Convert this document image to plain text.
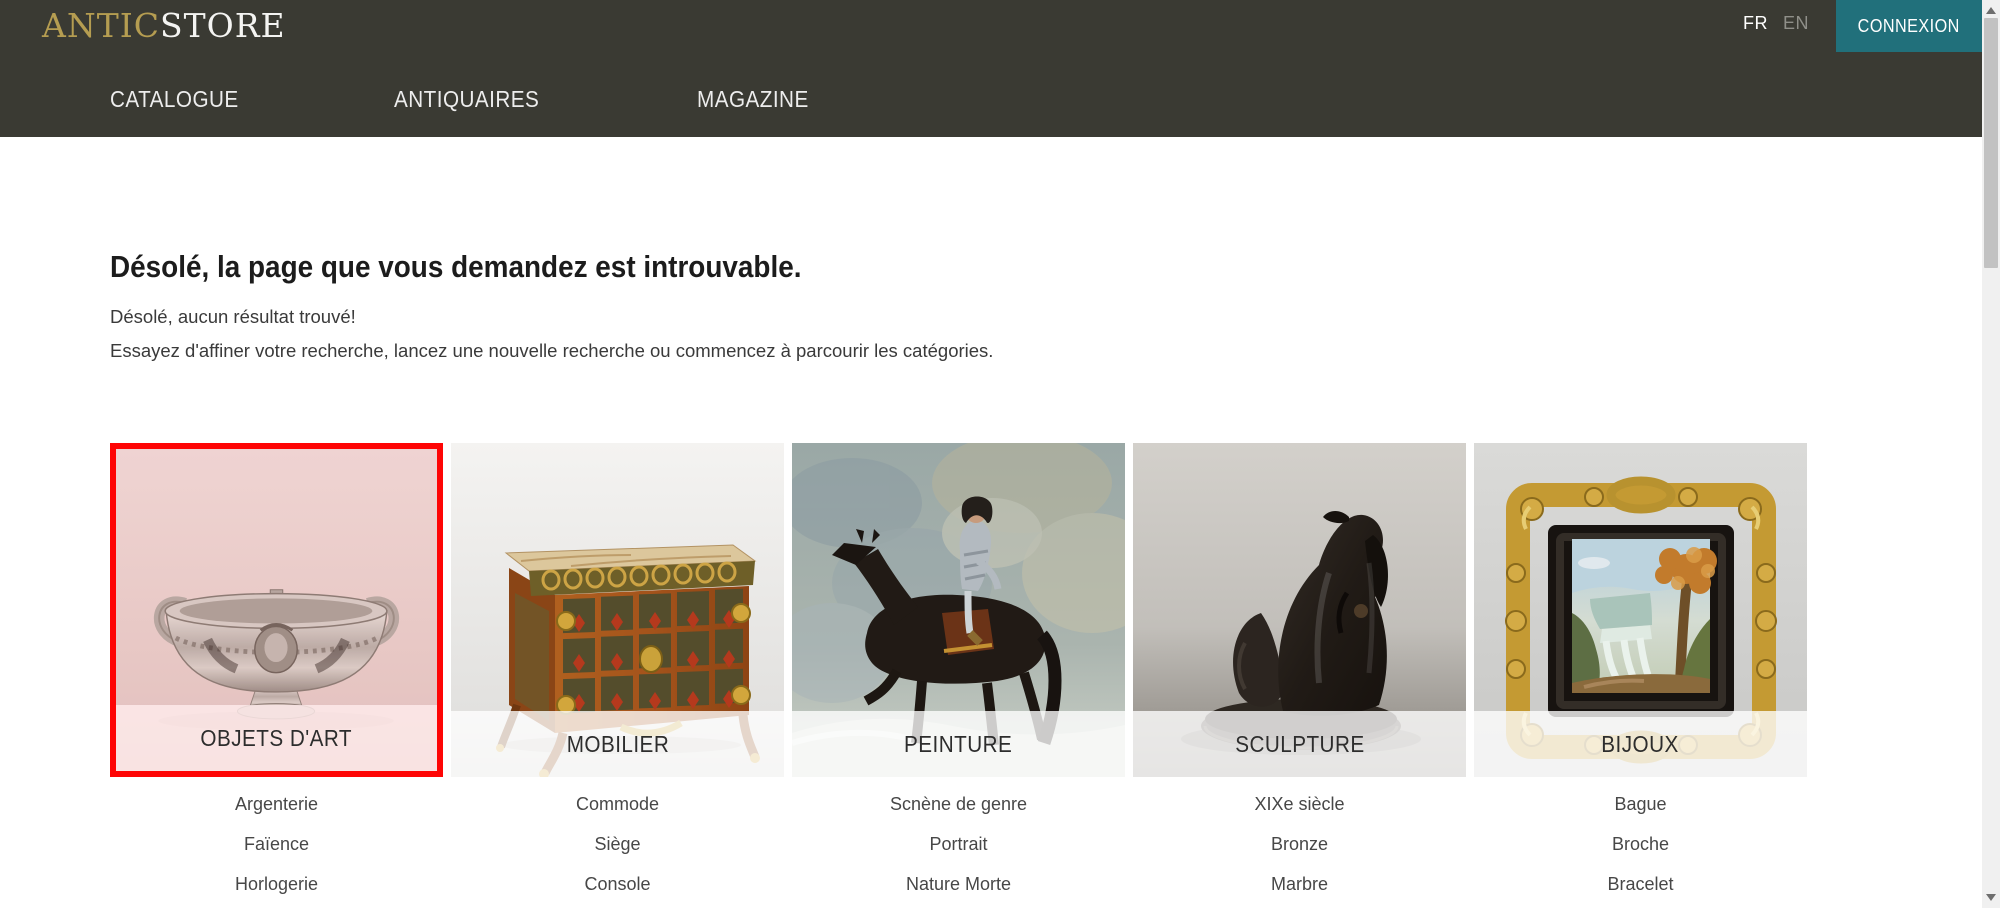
ANTICSTORE	FR EN	CONNEXION
CATALOGUE	ANTIQUAIRES	MAGAZINE
Désolé, la page que vous demandez est introuvable.
Désolé, aucun résultat trouvé!
Essayez d'affiner votre recherche, lancez une nouvelle recherche ou commencez à parcourir les catégories.
OBJETS D'ART	MOBILIER	PEINTURE	SCULPTURE	BIJOUX
Argenterie
Faïence
Horlogerie
Commode
Siège
Console
Scnène de genre
Portrait
Nature Morte
XIXe siècle
Bronze
Marbre
Bague
Broche
Bracelet
